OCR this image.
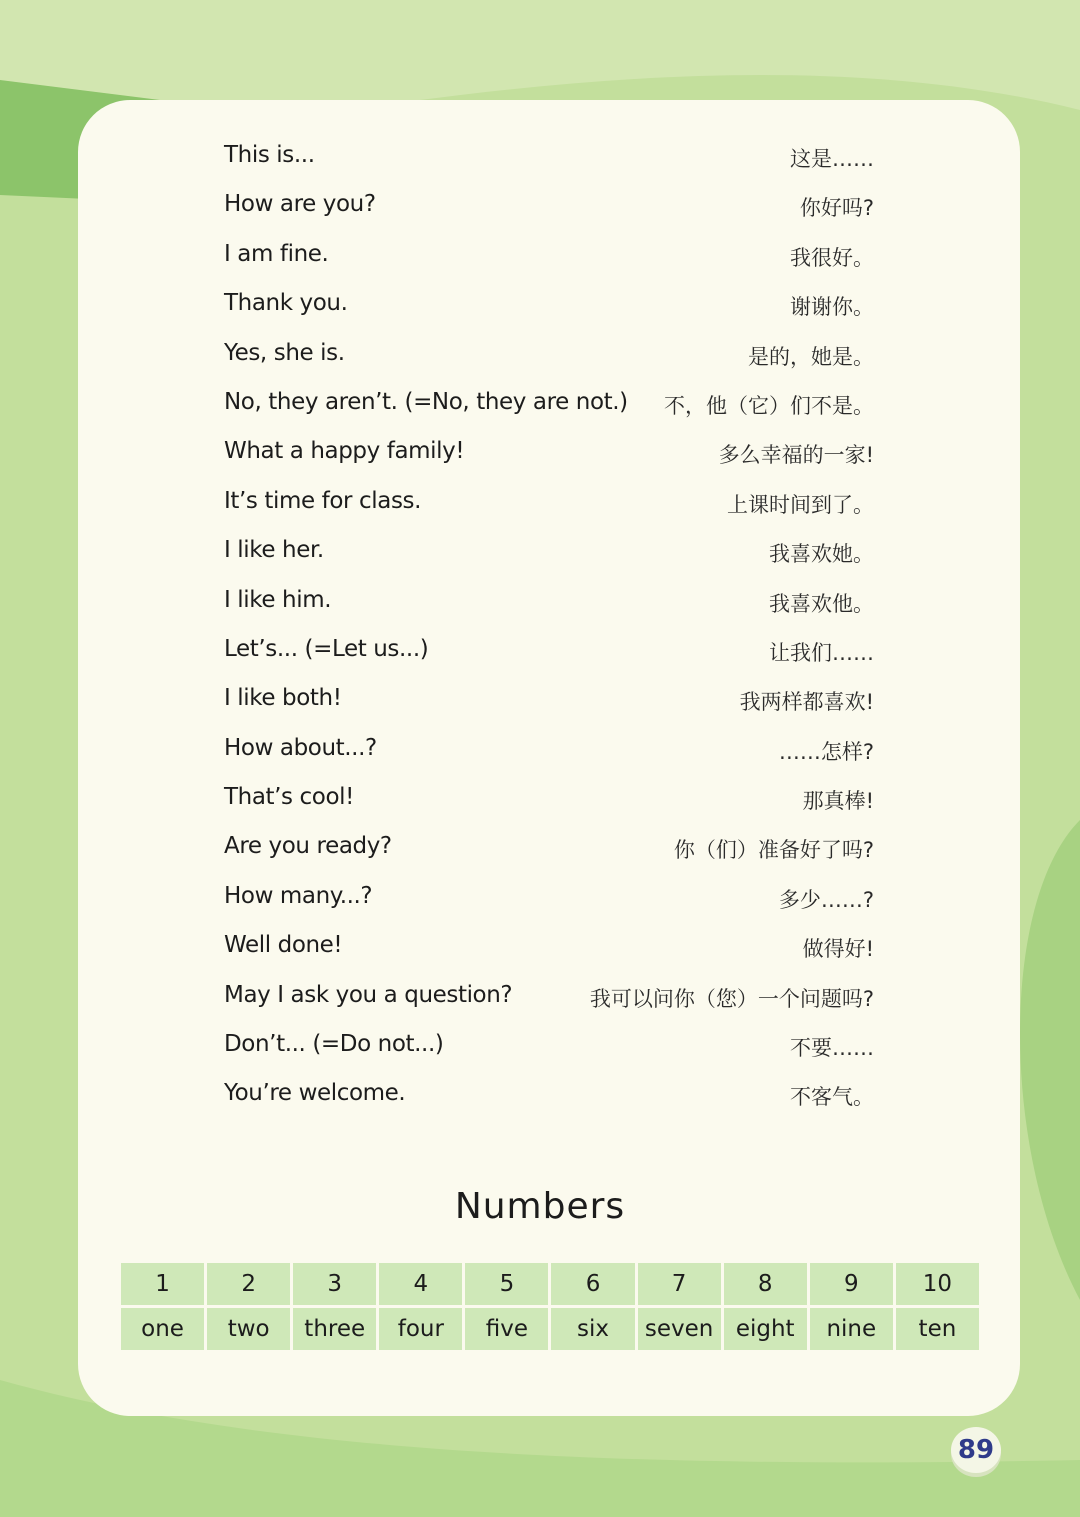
This is...	这是……
How are you?	你好吗?
I am fine.	我很好。
Thank you.	谢谢你。
Yes, she is.	是的，她是。
No, they aren’t. (=No, they are not.) 不，他（它）们不是。
What a happy family!	多么幸福的一家!
It’s time for class.	上课时间到了。
I like her.	我喜欢她。
I like him.	我喜欢他。
Let’s... (=Let us...)	让我们……
I like both!	我两样都喜欢!
How about...?	……怎样?
That’s cool!	那真棒!
Are you ready?	你（们）准备好了吗?
How many...?	多少……?
Well done!	做得好!
May I ask you a question?	我可以问你（您）一个问题吗?
Don’t... (=Do not...)	不要……
You’re welcome.	不客气。
Numbers
1	2	3	4	5	6	7	8	9	10
one	two	three	four	five	six	seven	eight	nine	ten
89
